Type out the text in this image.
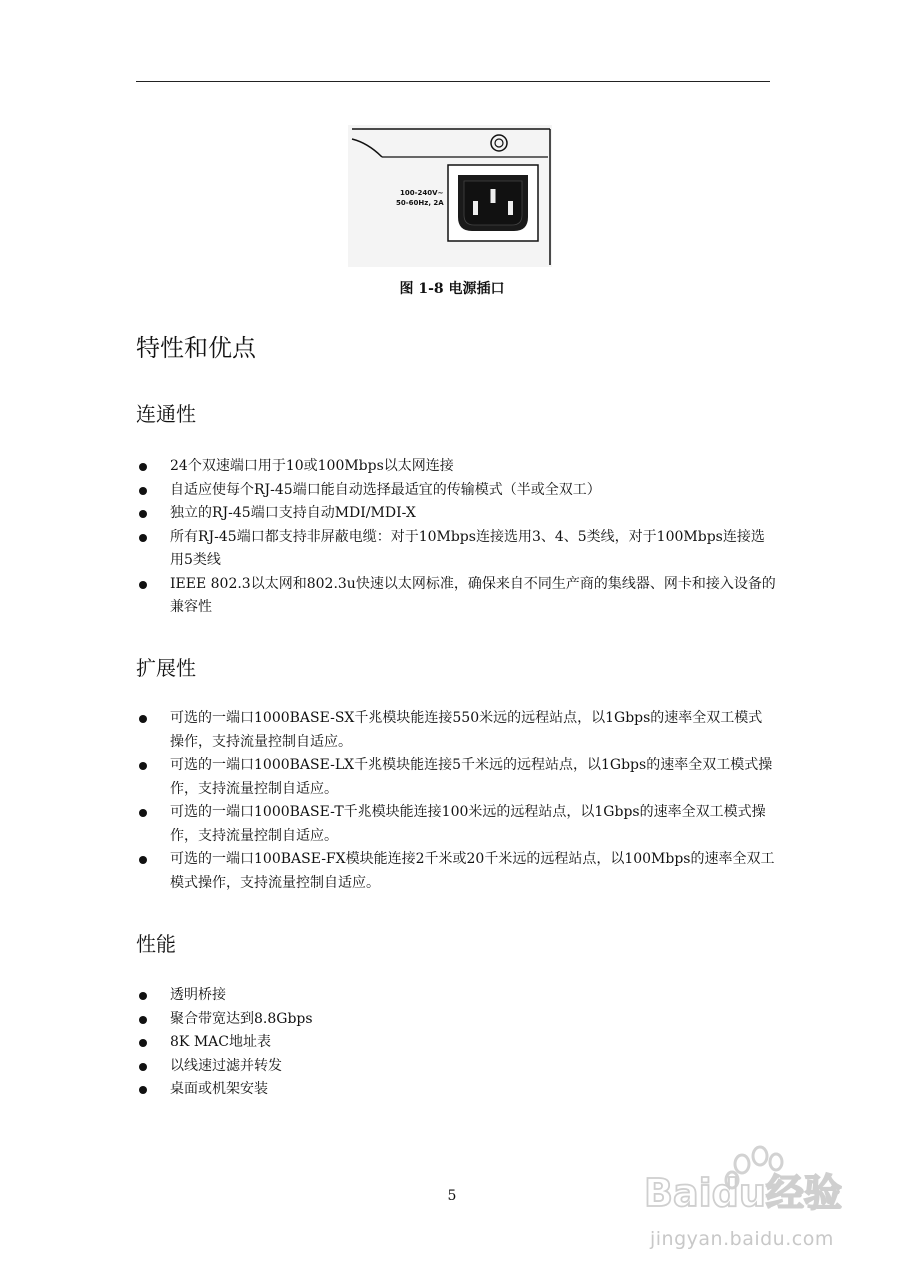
100-240V~
50-60Hz, 2A
图 1-8 电源插口
特性和优点
连通性
24个双速端口用于10或100Mbps以太网连接
自适应使每个RJ-45端口能自动选择最适宜的传输模式（半或全双工）
独立的RJ-45端口支持自动MDI/MDI-X
所有RJ-45端口都支持非屏蔽电缆：对于10Mbps连接选用3、4、5类线，对于100Mbps连接选用5类线
IEEE 802.3以太网和802.3u快速以太网标准，确保来自不同生产商的集线器、网卡和接入设备的兼容性
扩展性
可选的一端口1000BASE-SX千兆模块能连接550米远的远程站点，以1Gbps的速率全双工模式操作，支持流量控制自适应。
可选的一端口1000BASE-LX千兆模块能连接5千米远的远程站点，以1Gbps的速率全双工模式操作，支持流量控制自适应。
可选的一端口1000BASE-T千兆模块能连接100米远的远程站点，以1Gbps的速率全双工模式操作，支持流量控制自适应。
可选的一端口100BASE-FX模块能连接2千米或20千米远的远程站点，以100Mbps的速率全双工模式操作，支持流量控制自适应。
性能
透明桥接
聚合带宽达到8.8Gbps
8K MAC地址表
以线速过滤并转发
桌面或机架安装
5	Baidu经验
jingyan.baidu.com
